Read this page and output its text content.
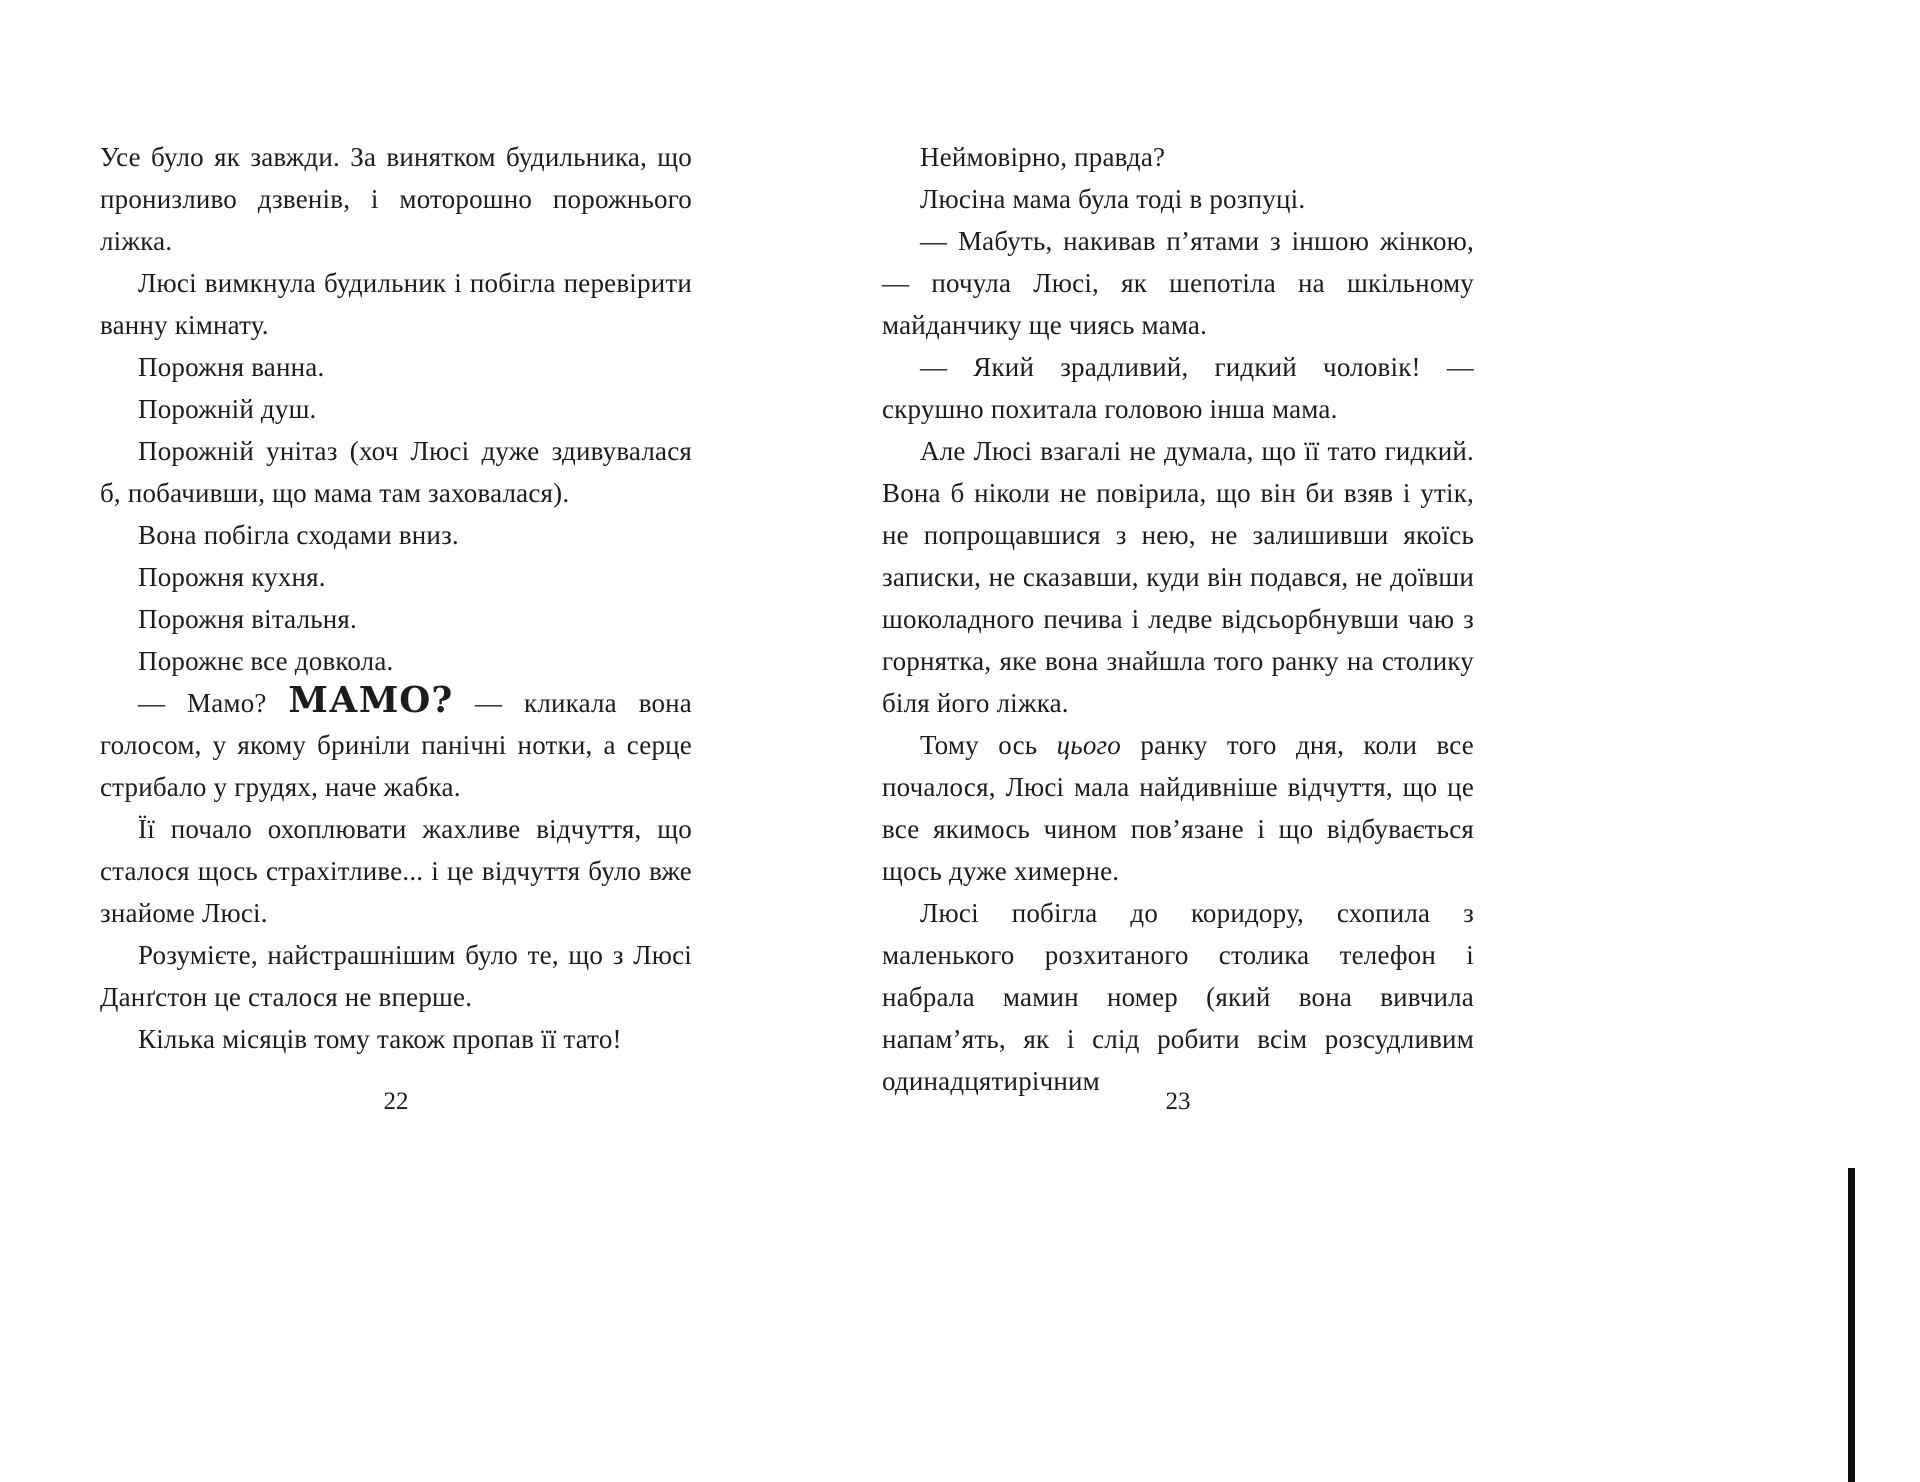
Усе було як завжди. За винятком будильника, що пронизливо дзвенів, і моторошно порожнього ліжка.

Люсі вимкнула будильник і побігла перевірити ванну кімнату.

Порожня ванна.

Порожній душ.

Порожній унітаз (хоч Люсі дуже здивувалася б, побачивши, що мама там заховалася).

Вона побігла сходами вниз.

Порожня кухня.

Порожня вітальня.

Порожнє все довкола.

— Мамо? МАМО? — кликала вона голосом, у якому бриніли панічні нотки, а серце стрибало у грудях, наче жабка.

Її почало охоплювати жахливе відчуття, що сталося щось страхітливе... і це відчуття було вже знайоме Люсі.

Розумієте, найстрашнішим було те, що з Люсі Данґстон це сталося не вперше.

Кілька місяців тому також пропав її тато!

Неймовірно, правда?

Люсіна мама була тоді в розпуці.

— Мабуть, накивав п’ятами з іншою жінкою, — почула Люсі, як шепотіла на шкільному майданчику ще чиясь мама.

— Який зрадливий, гидкий чоловік! — скрушно похитала головою інша мама.

Але Люсі взагалі не думала, що її тато гидкий. Вона б ніколи не повірила, що він би взяв і утік, не попрощавшися з нею, не залишивши якоїсь записки, не сказавши, куди він подався, не доївши шоколадного печива і ледве відсьорбнувши чаю з горнятка, яке вона знайшла того ранку на столику біля його ліжка.

Тому ось цього ранку того дня, коли все почалося, Люсі мала найдивніше відчуття, що це все якимось чином пов’язане і що відбувається щось дуже химерне.

Люсі побігла до коридору, схопила з маленького розхитаного столика телефон і набрала мамин номер (який вона вивчила напам’ять, як і слід робити всім розсудливим одинадцятирічним

22	23
